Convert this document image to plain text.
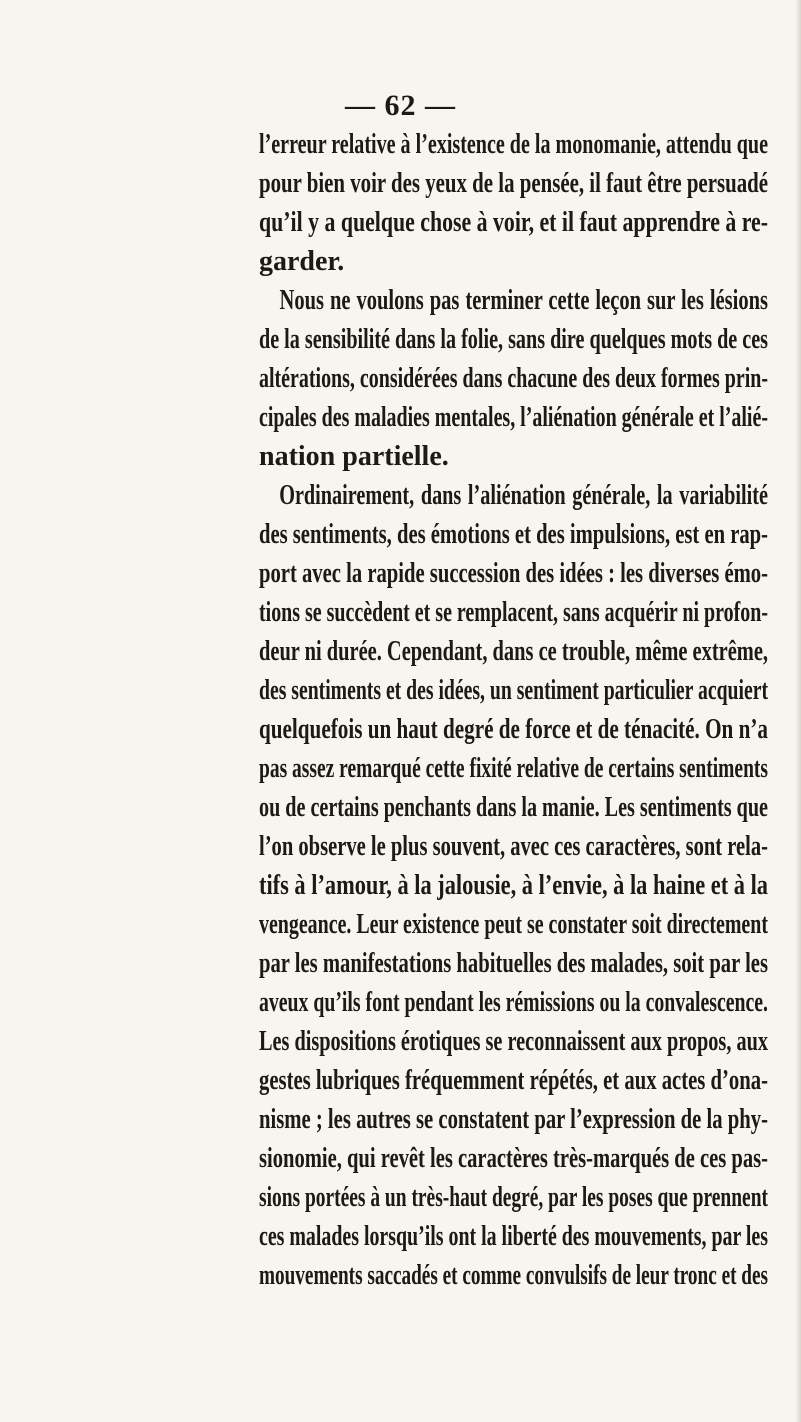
— 62 —
l’erreur relative à l’existence de la monomanie, attendu que
pour bien voir des yeux de la pensée, il faut être persuadé
qu’il y a quelque chose à voir, et il faut apprendre à re-
garder.
Nous ne voulons pas terminer cette leçon sur les lésions
de la sensibilité dans la folie, sans dire quelques mots de ces
altérations, considérées dans chacune des deux formes prin-
cipales des maladies mentales, l’aliénation générale et l’alié-
nation partielle.
Ordinairement, dans l’aliénation générale, la variabilité
des sentiments, des émotions et des impulsions, est en rap-
port avec la rapide succession des idées : les diverses émo-
tions se succèdent et se remplacent, sans acquérir ni profon-
deur ni durée. Cependant, dans ce trouble, même extrême,
des sentiments et des idées, un sentiment particulier acquiert
quelquefois un haut degré de force et de ténacité. On n’a
pas assez remarqué cette fixité relative de certains sentiments
ou de certains penchants dans la manie. Les sentiments que
l’on observe le plus souvent, avec ces caractères, sont rela-
tifs à l’amour, à la jalousie, à l’envie, à la haine et à la
vengeance. Leur existence peut se constater soit directement
par les manifestations habituelles des malades, soit par les
aveux qu’ils font pendant les rémissions ou la convalescence.
Les dispositions érotiques se reconnaissent aux propos, aux
gestes lubriques fréquemment répétés, et aux actes d’ona-
nisme ; les autres se constatent par l’expression de la phy-
sionomie, qui revêt les caractères très-marqués de ces pas-
sions portées à un très-haut degré, par les poses que prennent
ces malades lorsqu’ils ont la liberté des mouvements, par les
mouvements saccadés et comme convulsifs de leur tronc et des
